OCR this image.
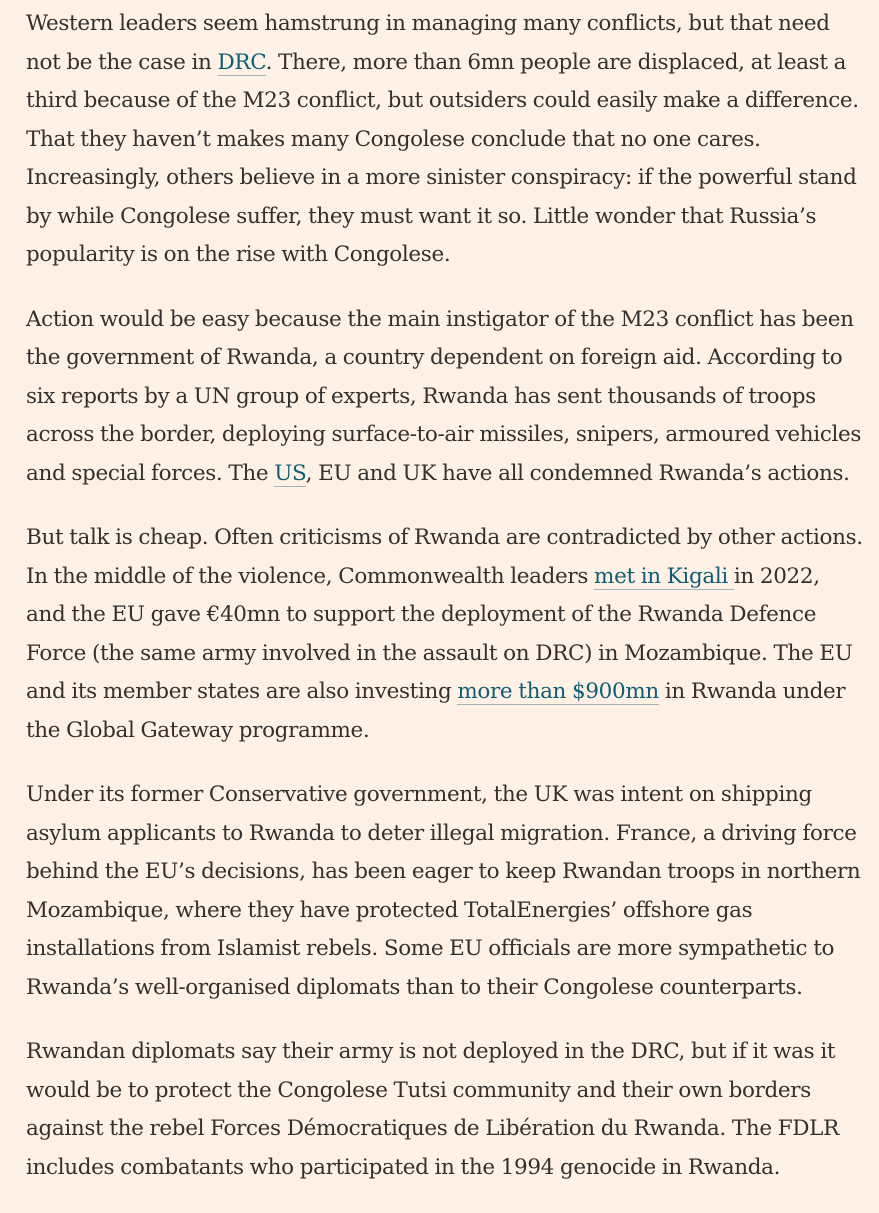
Western leaders seem hamstrung in managing many conflicts, but that need
not be the case in DRC. There, more than 6mn people are displaced, at least a
third because of the M23 conflict, but outsiders could easily make a difference.
That they haven’t makes many Congolese conclude that no one cares.
Increasingly, others believe in a more sinister conspiracy: if the powerful stand
by while Congolese suffer, they must want it so. Little wonder that Russia’s
popularity is on the rise with Congolese.

Action would be easy because the main instigator of the M23 conflict has been
the government of Rwanda, a country dependent on foreign aid. According to
six reports by a UN group of experts, Rwanda has sent thousands of troops
across the border, deploying surface-to-air missiles, snipers, armoured vehicles
and special forces. The US, EU and UK have all condemned Rwanda’s actions.

But talk is cheap. Often criticisms of Rwanda are contradicted by other actions.
In the middle of the violence, Commonwealth leaders met in Kigali in 2022,
and the EU gave €40mn to support the deployment of the Rwanda Defence
Force (the same army involved in the assault on DRC) in Mozambique. The EU
and its member states are also investing more than $900mn in Rwanda under
the Global Gateway programme.

Under its former Conservative government, the UK was intent on shipping
asylum applicants to Rwanda to deter illegal migration. France, a driving force
behind the EU’s decisions, has been eager to keep Rwandan troops in northern
Mozambique, where they have protected TotalEnergies’ offshore gas
installations from Islamist rebels. Some EU officials are more sympathetic to
Rwanda’s well-organised diplomats than to their Congolese counterparts.

Rwandan diplomats say their army is not deployed in the DRC, but if it was it
would be to protect the Congolese Tutsi community and their own borders
against the rebel Forces Démocratiques de Libération du Rwanda. The FDLR
includes combatants who participated in the 1994 genocide in Rwanda.
